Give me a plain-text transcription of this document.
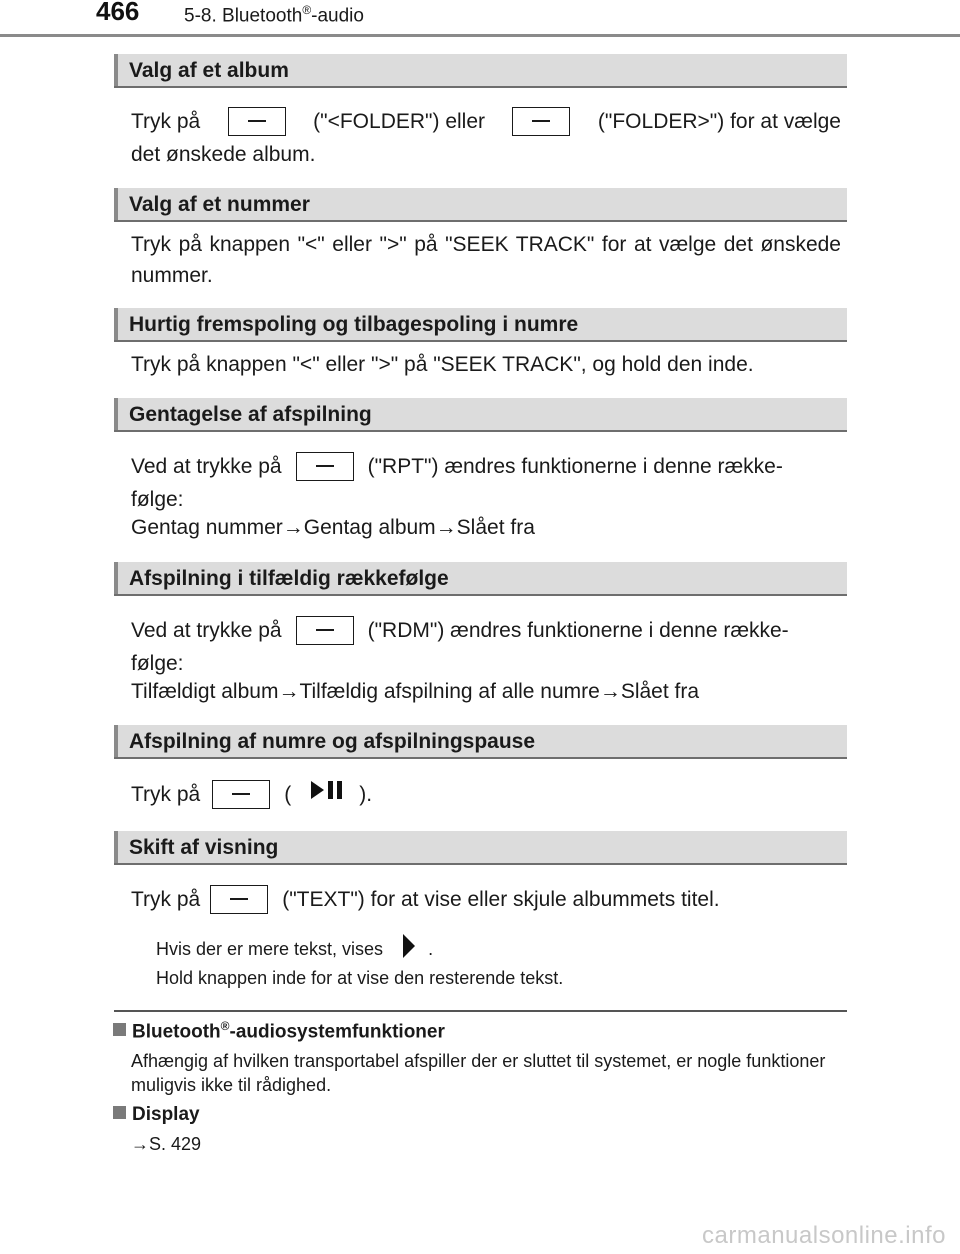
466 5-8. Bluetooth®-audio
Valg af et album
Tryk på	("<FOLDER") eller	("FOLDER>") for at vælge
det ønskede album.
Valg af et nummer
Tryk på knappen "<" eller ">" på "SEEK TRACK" for at vælge det ønskede nummer.
Hurtig fremspoling og tilbagespoling i numre
Tryk på knappen "<" eller ">" på "SEEK TRACK", og hold den inde.
Gentagelse af afspilning
Ved at trykke på	("RPT") ændres funktionerne i denne række-
følge:
Gentag nummer→Gentag album→Slået fra
Afspilning i tilfældig rækkefølge
Ved at trykke på	("RDM") ændres funktionerne i denne række-
følge:
Tilfældigt album→Tilfældig afspilning af alle numre→Slået fra
Afspilning af numre og afspilningspause
Tryk på	(	).
Skift af visning
Tryk på	("TEXT") for at vise eller skjule albummets titel.
Hvis der er mere tekst, vises	.
Hold knappen inde for at vise den resterende tekst.
Bluetooth®-audiosystemfunktioner
Afhængig af hvilken transportabel afspiller der er sluttet til systemet, er nogle funktioner muligvis ikke til rådighed.
Display
→S. 429
carmanualsonline.info
